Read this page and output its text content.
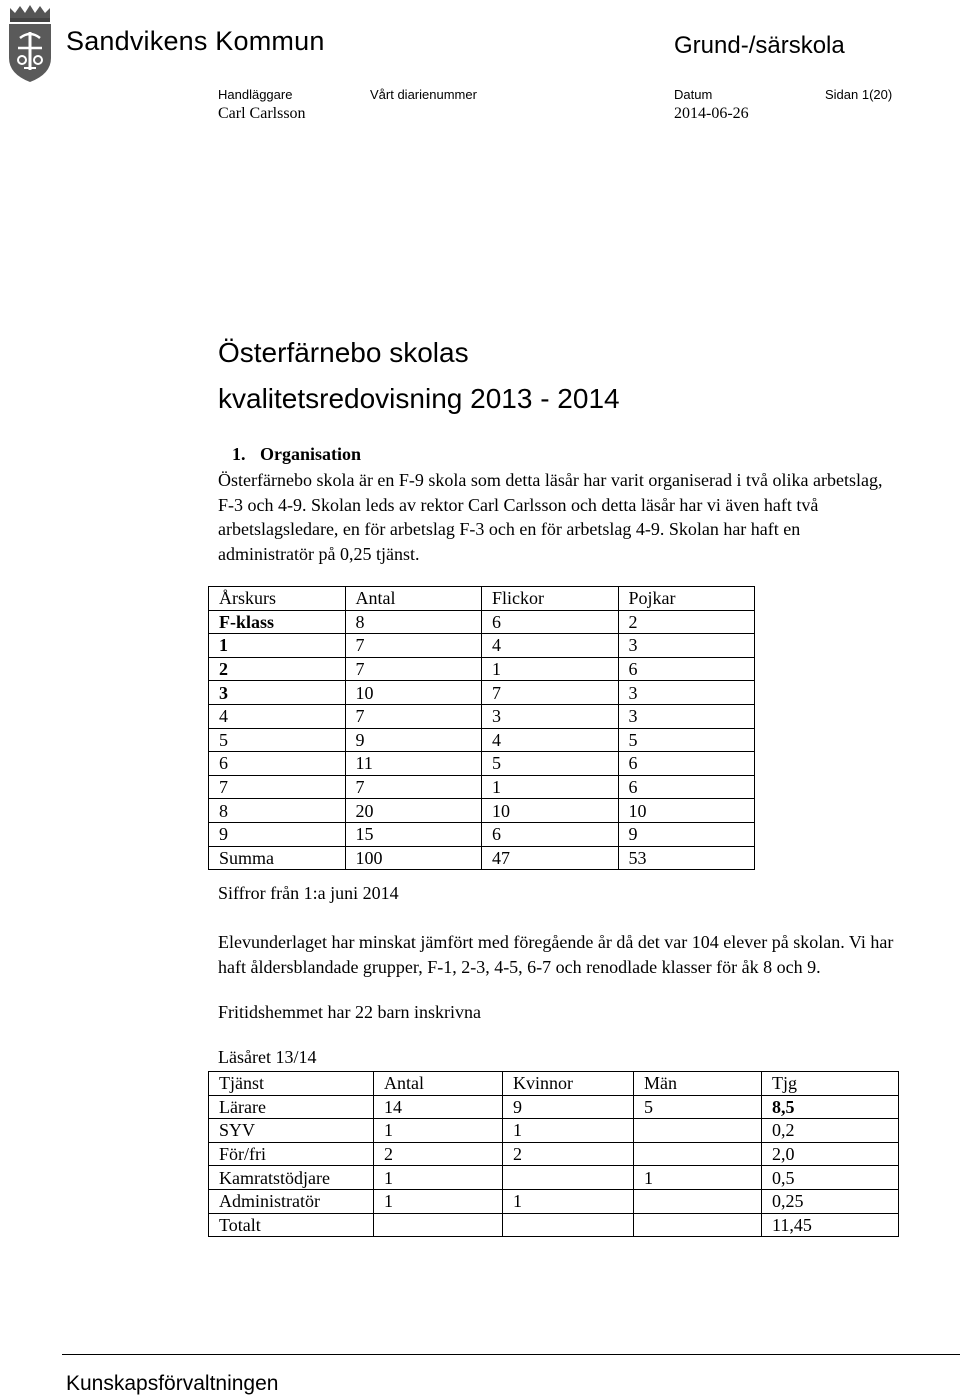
Sandvikens Kommun	Grund-/särskola
Handläggare	Vårt diarienummer	Datum	Sidan 1(20)
Carl Carlsson	2014-06-26
Österfärnebo skolas
kvalitetsredovisning 2013 - 2014
1. Organisation

Österfärnebo skola är en F-9 skola som detta läsår har varit organiserad i två olika arbetslag, F-3 och 4-9. Skolan leds av rektor Carl Carlsson och detta läsår har vi även haft två arbetslagsledare, en för arbetslag F-3 och en för arbetslag 4-9. Skolan har haft en administratör på 0,25 tjänst.

Årskurs	Antal	Flickor	Pojkar
F-klass	8	6	2
1	7	4	3
2	7	1	6
3	10	7	3
4	7	3	3
5	9	4	5
6	11	5	6
7	7	1	6
8	20	10	10
9	15	6	9
Summa	100	47	53
Siffror från 1:a juni 2014

Elevunderlaget har minskat jämfört med föregående år då det var 104 elever på skolan. Vi har haft åldersblandade grupper, F-1, 2-3, 4-5, 6-7 och renodlade klasser för åk 8 och 9.

Fritidshemmet har 22 barn inskrivna

Läsåret 13/14
Tjänst	Antal	Kvinnor	Män	Tjg
Lärare	14	9	5	8,5
SYV	1	1		0,2
För/fri	2	2		2,0
Kamratstödjare	1		1	0,5
Administratör	1	1		0,25
Totalt				11,45
Kunskapsförvaltningen
